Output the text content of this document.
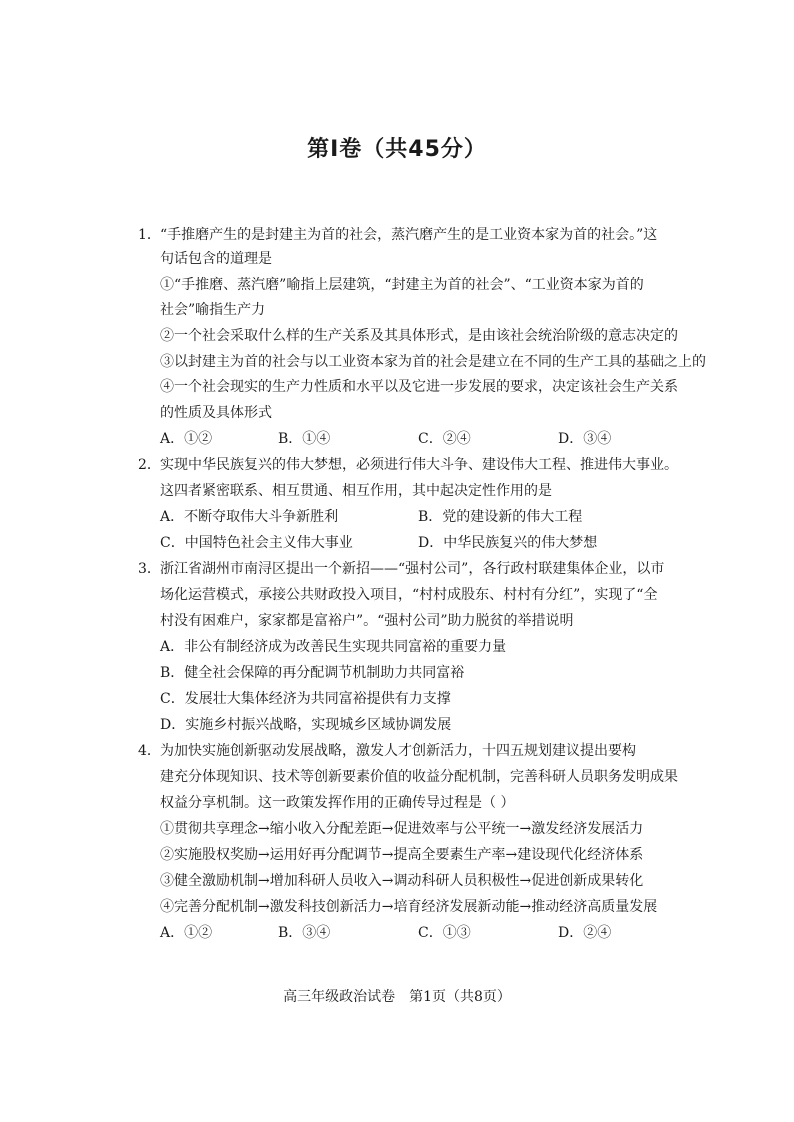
第Ⅰ卷（共45分）
1． “手推磨产生的是封建主为首的社会，蒸汽磨产生的是工业资本家为首的社会。”这
句话包含的道理是
①“手推磨、蒸汽磨”喻指上层建筑，“封建主为首的社会”、“工业资本家为首的
社会”喻指生产力
②一个社会采取什么样的生产关系及其具体形式，是由该社会统治阶级的意志决定的
③以封建主为首的社会与以工业资本家为首的社会是建立在不同的生产工具的基础之上的
④一个社会现实的生产力性质和水平以及它进一步发展的要求，决定该社会生产关系
的性质及具体形式
A．①②	B．①④	C．②④	D．③④
2． 实现中华民族复兴的伟大梦想，必须进行伟大斗争、建设伟大工程、推进伟大事业。
这四者紧密联系、相互贯通、相互作用，其中起决定性作用的是
A．不断夺取伟大斗争新胜利	B．党的建设新的伟大工程
C．中国特色社会主义伟大事业	D．中华民族复兴的伟大梦想
3． 浙江省湖州市南浔区提出一个新招——“强村公司”，各行政村联建集体企业，以市
场化运营模式，承接公共财政投入项目，“村村成股东、村村有分红”，实现了“全
村没有困难户，家家都是富裕户”。“强村公司”助力脱贫的举措说明
A．非公有制经济成为改善民生实现共同富裕的重要力量
B．健全社会保障的再分配调节机制助力共同富裕
C．发展壮大集体经济为共同富裕提供有力支撑
D．实施乡村振兴战略，实现城乡区域协调发展
4． 为加快实施创新驱动发展战略，激发人才创新活力，十四五规划建议提出要构
建充分体现知识、技术等创新要素价值的收益分配机制，完善科研人员职务发明成果
权益分享机制。这一政策发挥作用的正确传导过程是（ ）
①贯彻共享理念→缩小收入分配差距→促进效率与公平统一→激发经济发展活力
②实施股权奖励→运用好再分配调节→提高全要素生产率→建设现代化经济体系
③健全激励机制→增加科研人员收入→调动科研人员积极性→促进创新成果转化
④完善分配机制→激发科技创新活力→培育经济发展新动能→推动经济高质量发展
A．①②	B．③④	C．①③	D．②④
高三年级政治试卷　第1页（共8页）
